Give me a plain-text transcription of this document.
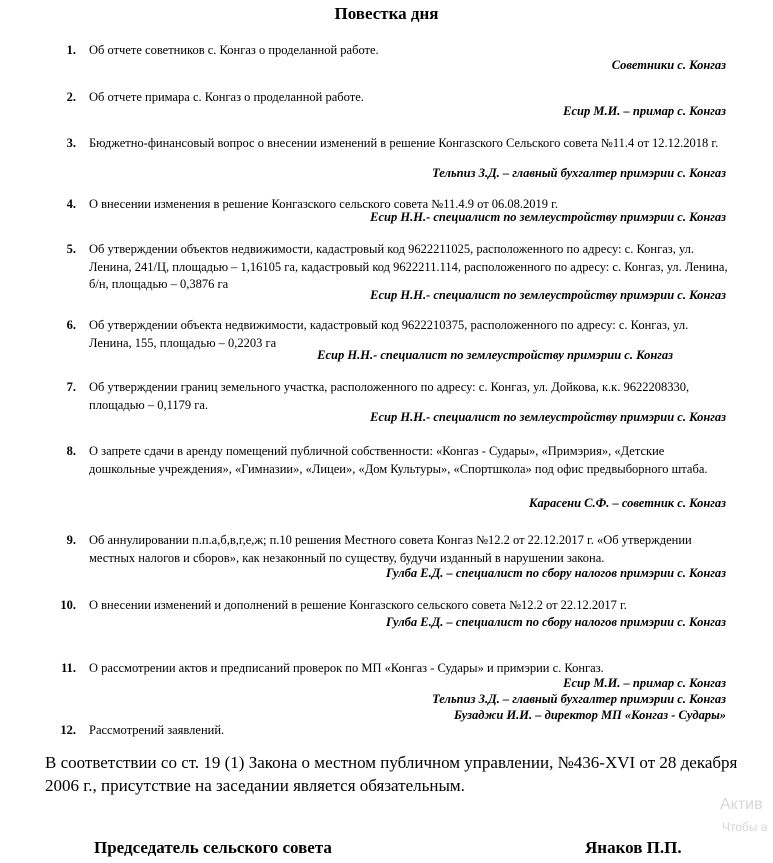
Повестка дня
1. Об отчете советников с. Конгаз о проделанной работе.
Советники с. Конгаз
2. Об отчете примара с. Конгаз о проделанной работе.
Есир М.И. – примар с. Конгаз
3. Бюджетно-финансовый вопрос о внесении изменений в решение Конгазского Сельского совета №11.4 от 12.12.2018 г.
Тельпиз З.Д. – главный бухгалтер примэрии с. Конгаз
4. О внесении изменения в решение Конгазского сельского совета №11.4.9 от 06.08.2019 г.
Есир Н.Н.- специалист по землеустройству примэрии с. Конгаз
5. Об утверждении объектов недвижимости, кадастровый код 9622211025, расположенного по адресу: с. Конгаз, ул. Ленина, 241/Ц, площадью – 1,16105 га, кадастровый код 9622211.114, расположенного по адресу: с. Конгаз, ул. Ленина, б/н, площадью – 0,3876 га
Есир Н.Н.- специалист по землеустройству примэрии с. Конгаз
6. Об утверждении объекта недвижимости, кадастровый код 9622210375, расположенного по адресу: с. Конгаз, ул. Ленина, 155, площадью – 0,2203 га
Есир Н.Н.- специалист по землеустройству примэрии с. Конгаз
7. Об утверждении границ земельного участка, расположенного по адресу: с. Конгаз, ул. Дойкова, к.к. 9622208330, площадью – 0,1179 га.
Есир Н.Н.- специалист по землеустройству примэрии с. Конгаз
8. О запрете сдачи в аренду помещений публичной собственности: «Конгаз - Судары», «Примэрия», «Детские дошкольные учреждения», «Гимназии», «Лицеи», «Дом Культуры», «Спортшкола» под офис предвыборного штаба.
Карасени С.Ф. – советник с. Конгаз
9. Об аннулировании п.п.а,б,в,г,е,ж; п.10 решения Местного совета Конгаз №12.2 от 22.12.2017 г. «Об утверждении местных налогов и сборов», как незаконный по существу, будучи изданный в нарушении закона.
Гулба Е.Д. – специалист по сбору налогов примэрии с. Конгаз
10. О внесении изменений и дополнений в решение Конгазского сельского совета №12.2 от 22.12.2017 г.
Гулба Е.Д. – специалист по сбору налогов примэрии с. Конгаз
11. О рассмотрении актов и предписаний проверок по МП «Конгаз - Судары» и примэрии с. Конгаз.
Есир М.И. – примар с. Конгаз
Тельпиз З.Д. – главный бухгалтер примэрии с. Конгаз
Бузаджи И.И. – директор МП «Конгаз - Судары»
12. Рассмотрений заявлений.
В соответствии со ст. 19 (1) Закона о местном публичном управлении, №436-XVI от 28 декабря 2006 г., присутствие на заседании является обязательным.
Председатель сельского совета	Янаков П.П.
Актив
Чтобы а
